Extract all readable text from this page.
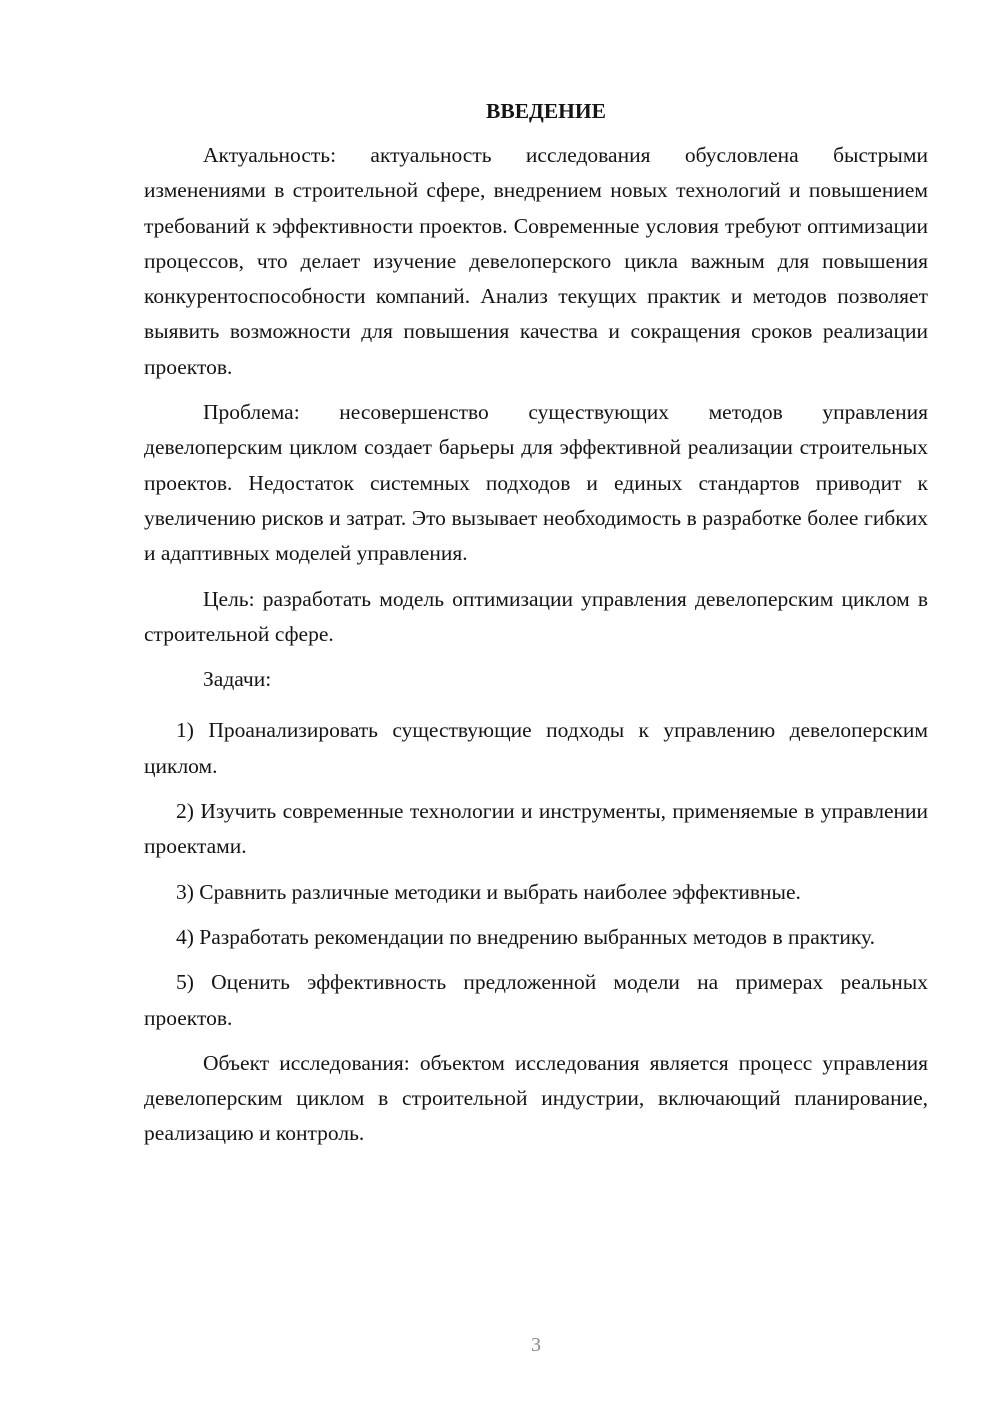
ВВЕДЕНИЕ

Актуальность: актуальность исследования обусловлена быстрыми изменениями в строительной сфере, внедрением новых технологий и повышением требований к эффективности проектов. Современные условия требуют оптимизации процессов, что делает изучение девелоперского цикла важным для повышения конкурентоспособности компаний. Анализ текущих практик и методов позволяет выявить возможности для повышения качества и сокращения сроков реализации проектов.

Проблема: несовершенство существующих методов управления девелоперским циклом создает барьеры для эффективной реализации строительных проектов. Недостаток системных подходов и единых стандартов приводит к увеличению рисков и затрат. Это вызывает необходимость в разработке более гибких и адаптивных моделей управления.

Цель: разработать модель оптимизации управления девелоперским циклом в строительной сфере.

Задачи:

1) Проанализировать существующие подходы к управлению девелоперским циклом.

2) Изучить современные технологии и инструменты, применяемые в управлении проектами.

3) Сравнить различные методики и выбрать наиболее эффективные.

4) Разработать рекомендации по внедрению выбранных методов в практику.

5) Оценить эффективность предложенной модели на примерах реальных проектов.

Объект исследования: объектом исследования является процесс управления девелоперским циклом в строительной индустрии, включающий планирование, реализацию и контроль.

3
